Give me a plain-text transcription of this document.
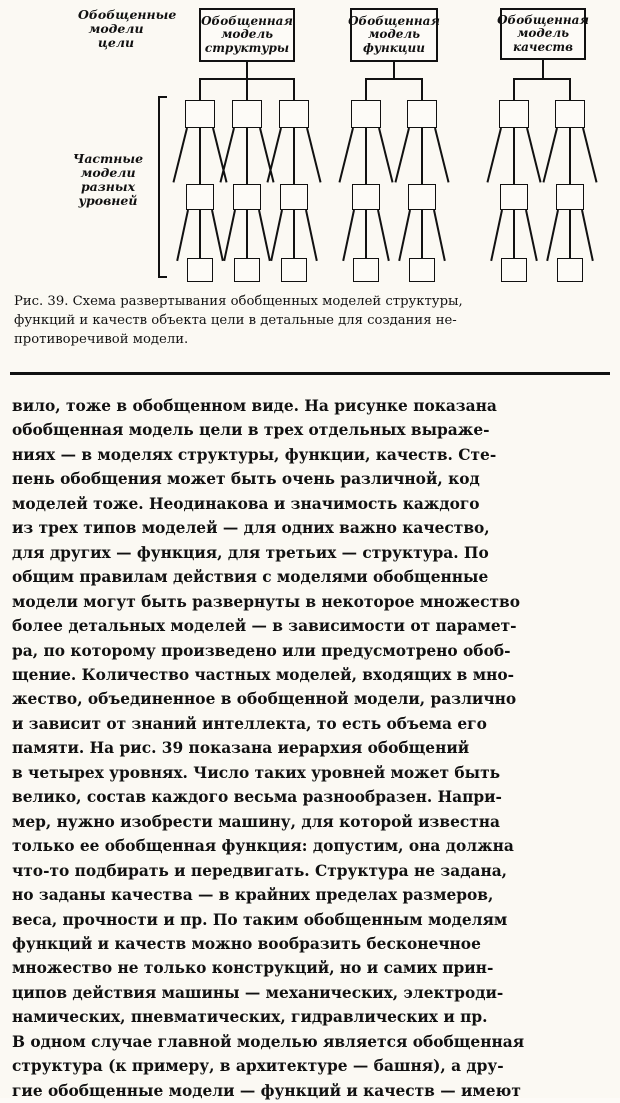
Обобщенные
модели
цели
Частные
модели
разных
уровней
Обобщенная
модель
структуры
Обобщенная
модель
функции
Обобщенная
модель
качеств
Рис. 39. Схема развертывания обобщенных моделей структуры,
функций и качеств объекта цели в детальные для создания не-
противоречивой модели.
вило, тоже в обобщенном виде. На рисунке показана
обобщенная модель цели в трех отдельных выраже-
ниях — в моделях структуры, функции, качеств. Сте-
пень обобщения может быть очень различной, код
моделей тоже. Неодинакова и значимость каждого
из трех типов моделей — для одних важно качество,
для других — функция, для третьих — структура. По
общим правилам действия с моделями обобщенные
модели могут быть развернуты в некоторое множество
более детальных моделей — в зависимости от парамет-
ра, по которому произведено или предусмотрено обоб-
щение. Количество частных моделей, входящих в мно-
жество, объединенное в обобщенной модели, различно
и зависит от знаний интеллекта, то есть объема его
памяти. На рис. 39 показана иерархия обобщений
в четырех уровнях. Число таких уровней может быть
велико, состав каждого весьма разнообразен. Напри-
мер, нужно изобрести машину, для которой известна
только ее обобщенная функция: допустим, она должна
что-то подбирать и передвигать. Структура не задана,
но заданы качества — в крайних пределах размеров,
веса, прочности и пр. По таким обобщенным моделям
функций и качеств можно вообразить бесконечное
множество не только конструкций, но и самих прин-
ципов действия машины — механических, электроди-
намических, пневматических, гидравлических и пр.
В одном случае главной моделью является обобщенная
структура (к примеру, в архитектуре — башня), а дру-
гие обобщенные модели — функций и качеств — имеют
